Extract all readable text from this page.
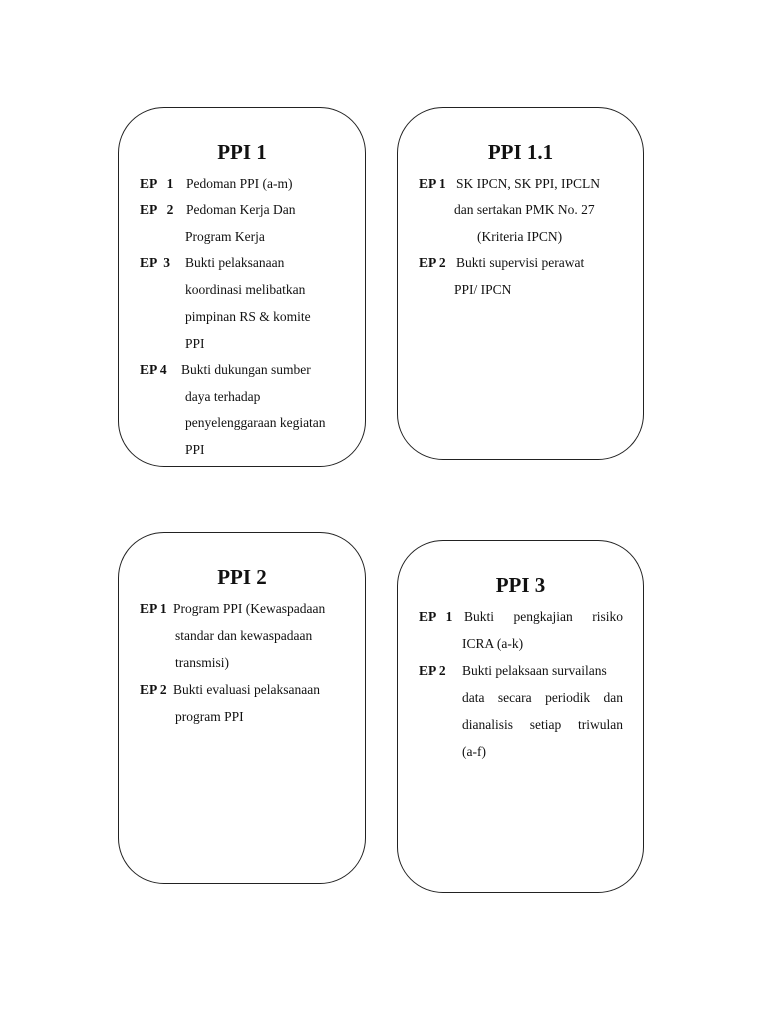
PPI 1
EP   1 Pedoman PPI (a-m)
EP   2 Pedoman Kerja Dan
Program Kerja
EP  3 Bukti pelaksanaan
koordinasi melibatkan
pimpinan RS & komite
PPI
EP 4 Bukti dukungan sumber
daya terhadap
penyelenggaraan kegiatan
PPI
PPI 1.1
EP 1 SK IPCN, SK PPI, IPCLN
dan sertakan PMK No. 27
(Kriteria IPCN)
EP 2 Bukti supervisi perawat
PPI/ IPCN
PPI 2
EP 1 Program PPI (Kewaspadaan
standar dan kewaspadaan
transmisi)
EP 2 Bukti evaluasi pelaksanaan
program PPI
PPI 3
EP   1 Bukti pengkajian risiko
ICRA (a-k)
EP 2 Bukti pelaksaan survailans
data secara periodik dan
dianalisis setiap triwulan
(a-f)
